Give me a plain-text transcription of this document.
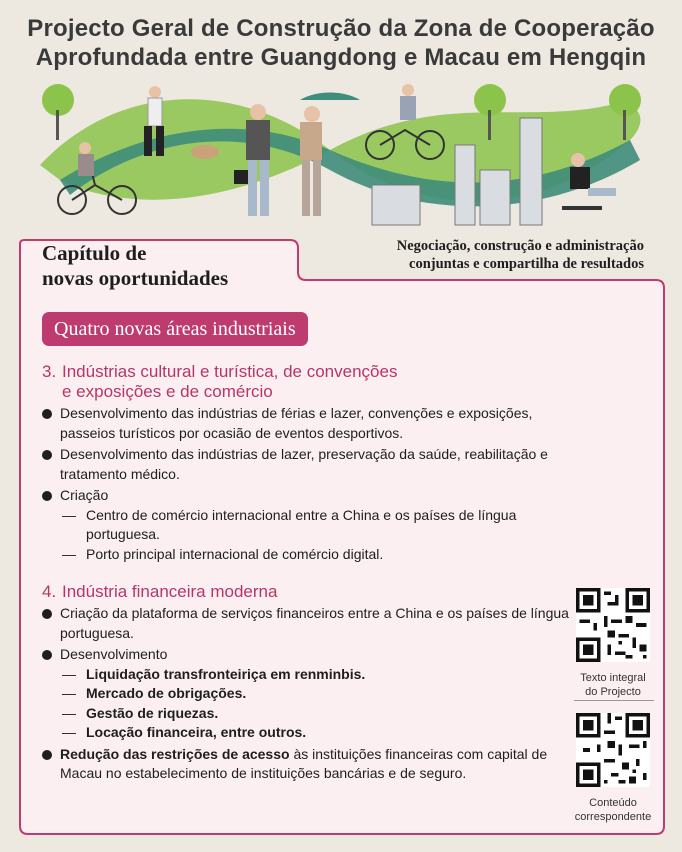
Projecto Geral de Construção da Zona de Cooperação
Aprofundada entre Guangdong e Macau em Hengqin
Capítulo de
novas oportunidades
Negociação, construção e administração
conjuntas e compartilha de resultados
Quatro novas áreas industriais
3. Indústrias cultural e turística, de convenções
e exposições e de comércio
Desenvolvimento das indústrias de férias e lazer, convenções e exposições, passeios turísticos por ocasião de eventos desportivos.
Desenvolvimento das indústrias de lazer, preservação da saúde, reabilitação e tratamento médico.
Criação
— Centro de comércio internacional entre a China e os países de língua portuguesa.
— Porto principal internacional de comércio digital.
4. Indústria financeira moderna
Criação da plataforma de serviços financeiros entre a China e os países de língua portuguesa.
Desenvolvimento
— Liquidação transfronteiriça em renminbis.
— Mercado de obrigações.
— Gestão de riquezas.
— Locação financeira, entre outros.
Redução das restrições de acesso às instituições financeiras com capital de Macau no estabelecimento de instituições bancárias e de seguro.
Texto integral
do Projecto
Conteúdo
correspondente
